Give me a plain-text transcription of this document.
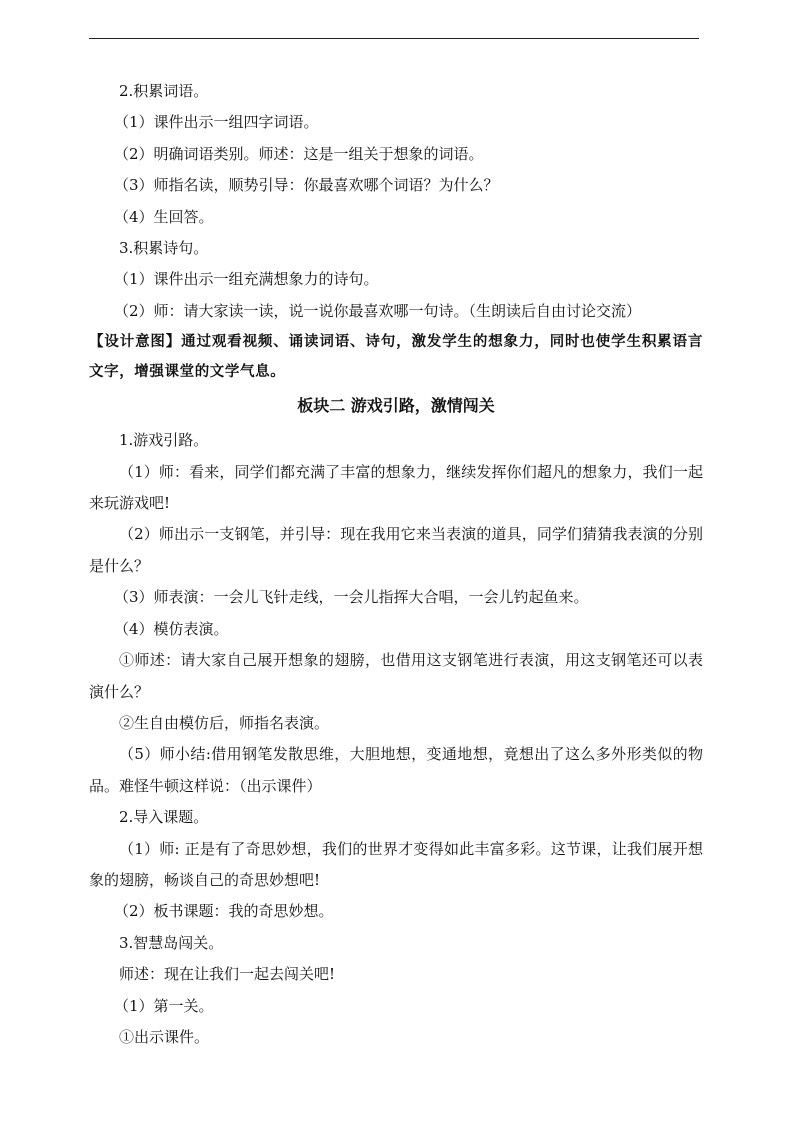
2.积累词语。

（1）课件出示一组四字词语。

（2）明确词语类别。师述：这是一组关于想象的词语。

（3）师指名读，顺势引导：你最喜欢哪个词语？为什么？

（4）生回答。

3.积累诗句。

（1）课件出示一组充满想象力的诗句。

（2）师：请大家读一读，说一说你最喜欢哪一句诗。（生朗读后自由讨论交流）

【设计意图】通过观看视频、诵读词语、诗句，激发学生的想象力，同时也使学生积累语言文字，增强课堂的文学气息。

板块二 游戏引路，激情闯关

1.游戏引路。

（1）师：看来，同学们都充满了丰富的想象力，继续发挥你们超凡的想象力，我们一起来玩游戏吧!

（2）师出示一支钢笔，并引导：现在我用它来当表演的道具，同学们猜猜我表演的分别是什么？

（3）师表演：一会儿飞针走线，一会儿指挥大合唱，一会儿钓起鱼来。

（4）模仿表演。

①师述：请大家自己展开想象的翅膀，也借用这支钢笔进行表演，用这支钢笔还可以表演什么？

②生自由模仿后，师指名表演。

（5）师小结:借用钢笔发散思维，大胆地想，变通地想，竟想出了这么多外形类似的物品。难怪牛顿这样说：（出示课件）

2.导入课题。

（1）师: 正是有了奇思妙想，我们的世界才变得如此丰富多彩。这节课，让我们展开想象的翅膀，畅谈自己的奇思妙想吧!

（2）板书课题：我的奇思妙想。

3.智慧岛闯关。

师述：现在让我们一起去闯关吧!

（1）第一关。

①出示课件。
